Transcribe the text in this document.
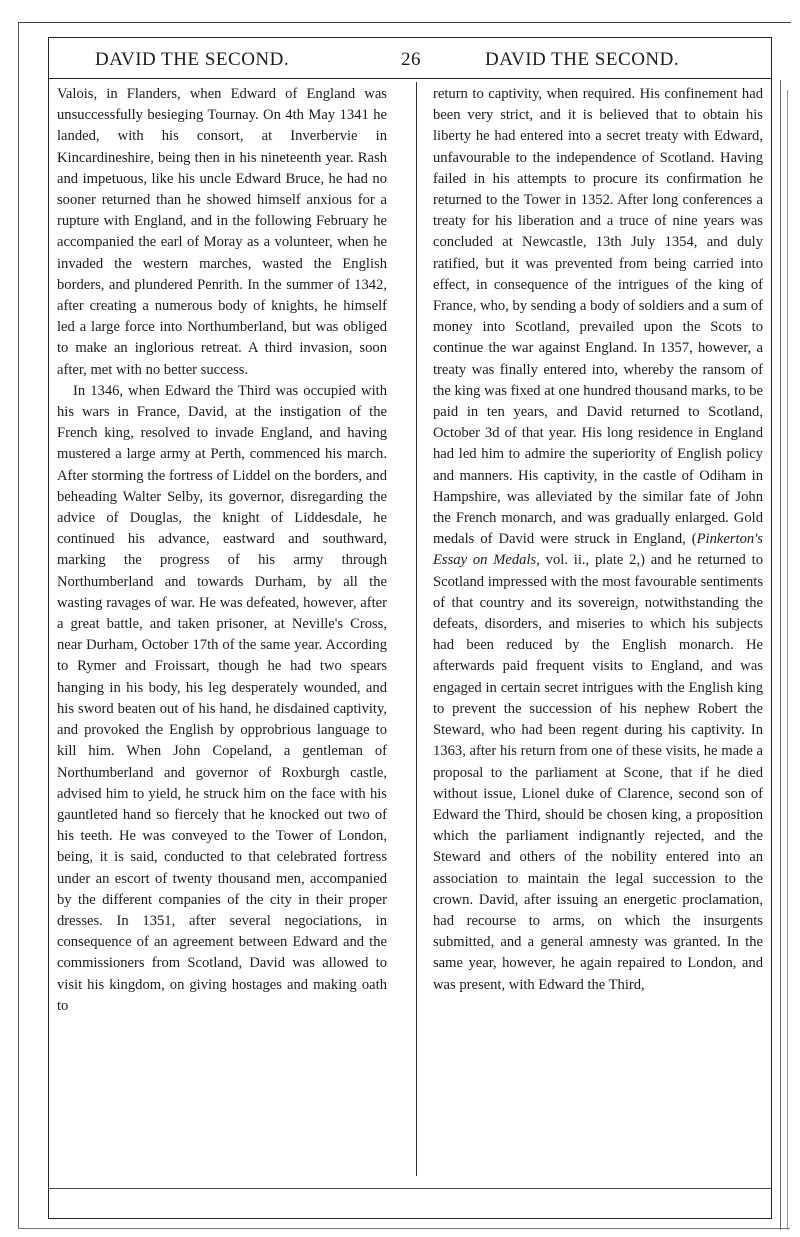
DAVID THE SECOND.	26	DAVID THE SECOND.

Valois, in Flanders, when Edward of England was unsuccessfully besieging Tournay. On 4th May 1341 he landed, with his consort, at Inverbervie in Kincardineshire, being then in his nineteenth year. Rash and impetuous, like his uncle Edward Bruce, he had no sooner returned than he showed himself anxious for a rupture with England, and in the following February he accompanied the earl of Moray as a volunteer, when he invaded the western marches, wasted the English borders, and plundered Penrith. In the summer of 1342, after creating a numerous body of knights, he himself led a large force into Northumberland, but was obliged to make an inglorious retreat. A third invasion, soon after, met with no better success.

In 1346, when Edward the Third was occupied with his wars in France, David, at the instigation of the French king, resolved to invade England, and having mustered a large army at Perth, commenced his march. After storming the fortress of Liddel on the borders, and beheading Walter Selby, its governor, disregarding the advice of Douglas, the knight of Liddesdale, he continued his advance, eastward and southward, marking the progress of his army through Northumberland and towards Durham, by all the wasting ravages of war. He was defeated, however, after a great battle, and taken prisoner, at Neville's Cross, near Durham, October 17th of the same year. According to Rymer and Froissart, though he had two spears hanging in his body, his leg desperately wounded, and his sword beaten out of his hand, he disdained captivity, and provoked the English by opprobrious language to kill him. When John Copeland, a gentleman of Northumberland and governor of Roxburgh castle, advised him to yield, he struck him on the face with his gauntleted hand so fiercely that he knocked out two of his teeth. He was conveyed to the Tower of London, being, it is said, conducted to that celebrated fortress under an escort of twenty thousand men, accompanied by the different companies of the city in their proper dresses. In 1351, after several negociations, in consequence of an agreement between Edward and the commissioners from Scotland, David was allowed to visit his kingdom, on giving hostages and making oath to

return to captivity, when required. His confinement had been very strict, and it is believed that to obtain his liberty he had entered into a secret treaty with Edward, unfavourable to the independence of Scotland. Having failed in his attempts to procure its confirmation he returned to the Tower in 1352. After long conferences a treaty for his liberation and a truce of nine years was concluded at Newcastle, 13th July 1354, and duly ratified, but it was prevented from being carried into effect, in consequence of the intrigues of the king of France, who, by sending a body of soldiers and a sum of money into Scotland, prevailed upon the Scots to continue the war against England. In 1357, however, a treaty was finally entered into, whereby the ransom of the king was fixed at one hundred thousand marks, to be paid in ten years, and David returned to Scotland, October 3d of that year. His long residence in England had led him to admire the superiority of English policy and manners. His captivity, in the castle of Odiham in Hampshire, was alleviated by the similar fate of John the French monarch, and was gradually enlarged. Gold medals of David were struck in England, (Pinkerton's Essay on Medals, vol. ii., plate 2,) and he returned to Scotland impressed with the most favourable sentiments of that country and its sovereign, notwithstanding the defeats, disorders, and miseries to which his subjects had been reduced by the English monarch. He afterwards paid frequent visits to England, and was engaged in certain secret intrigues with the English king to prevent the succession of his nephew Robert the Steward, who had been regent during his captivity. In 1363, after his return from one of these visits, he made a proposal to the parliament at Scone, that if he died without issue, Lionel duke of Clarence, second son of Edward the Third, should be chosen king, a proposition which the parliament indignantly rejected, and the Steward and others of the nobility entered into an association to maintain the legal succession to the crown. David, after issuing an energetic proclamation, had recourse to arms, on which the insurgents submitted, and a general amnesty was granted. In the same year, however, he again repaired to London, and was present, with Edward the Third,
